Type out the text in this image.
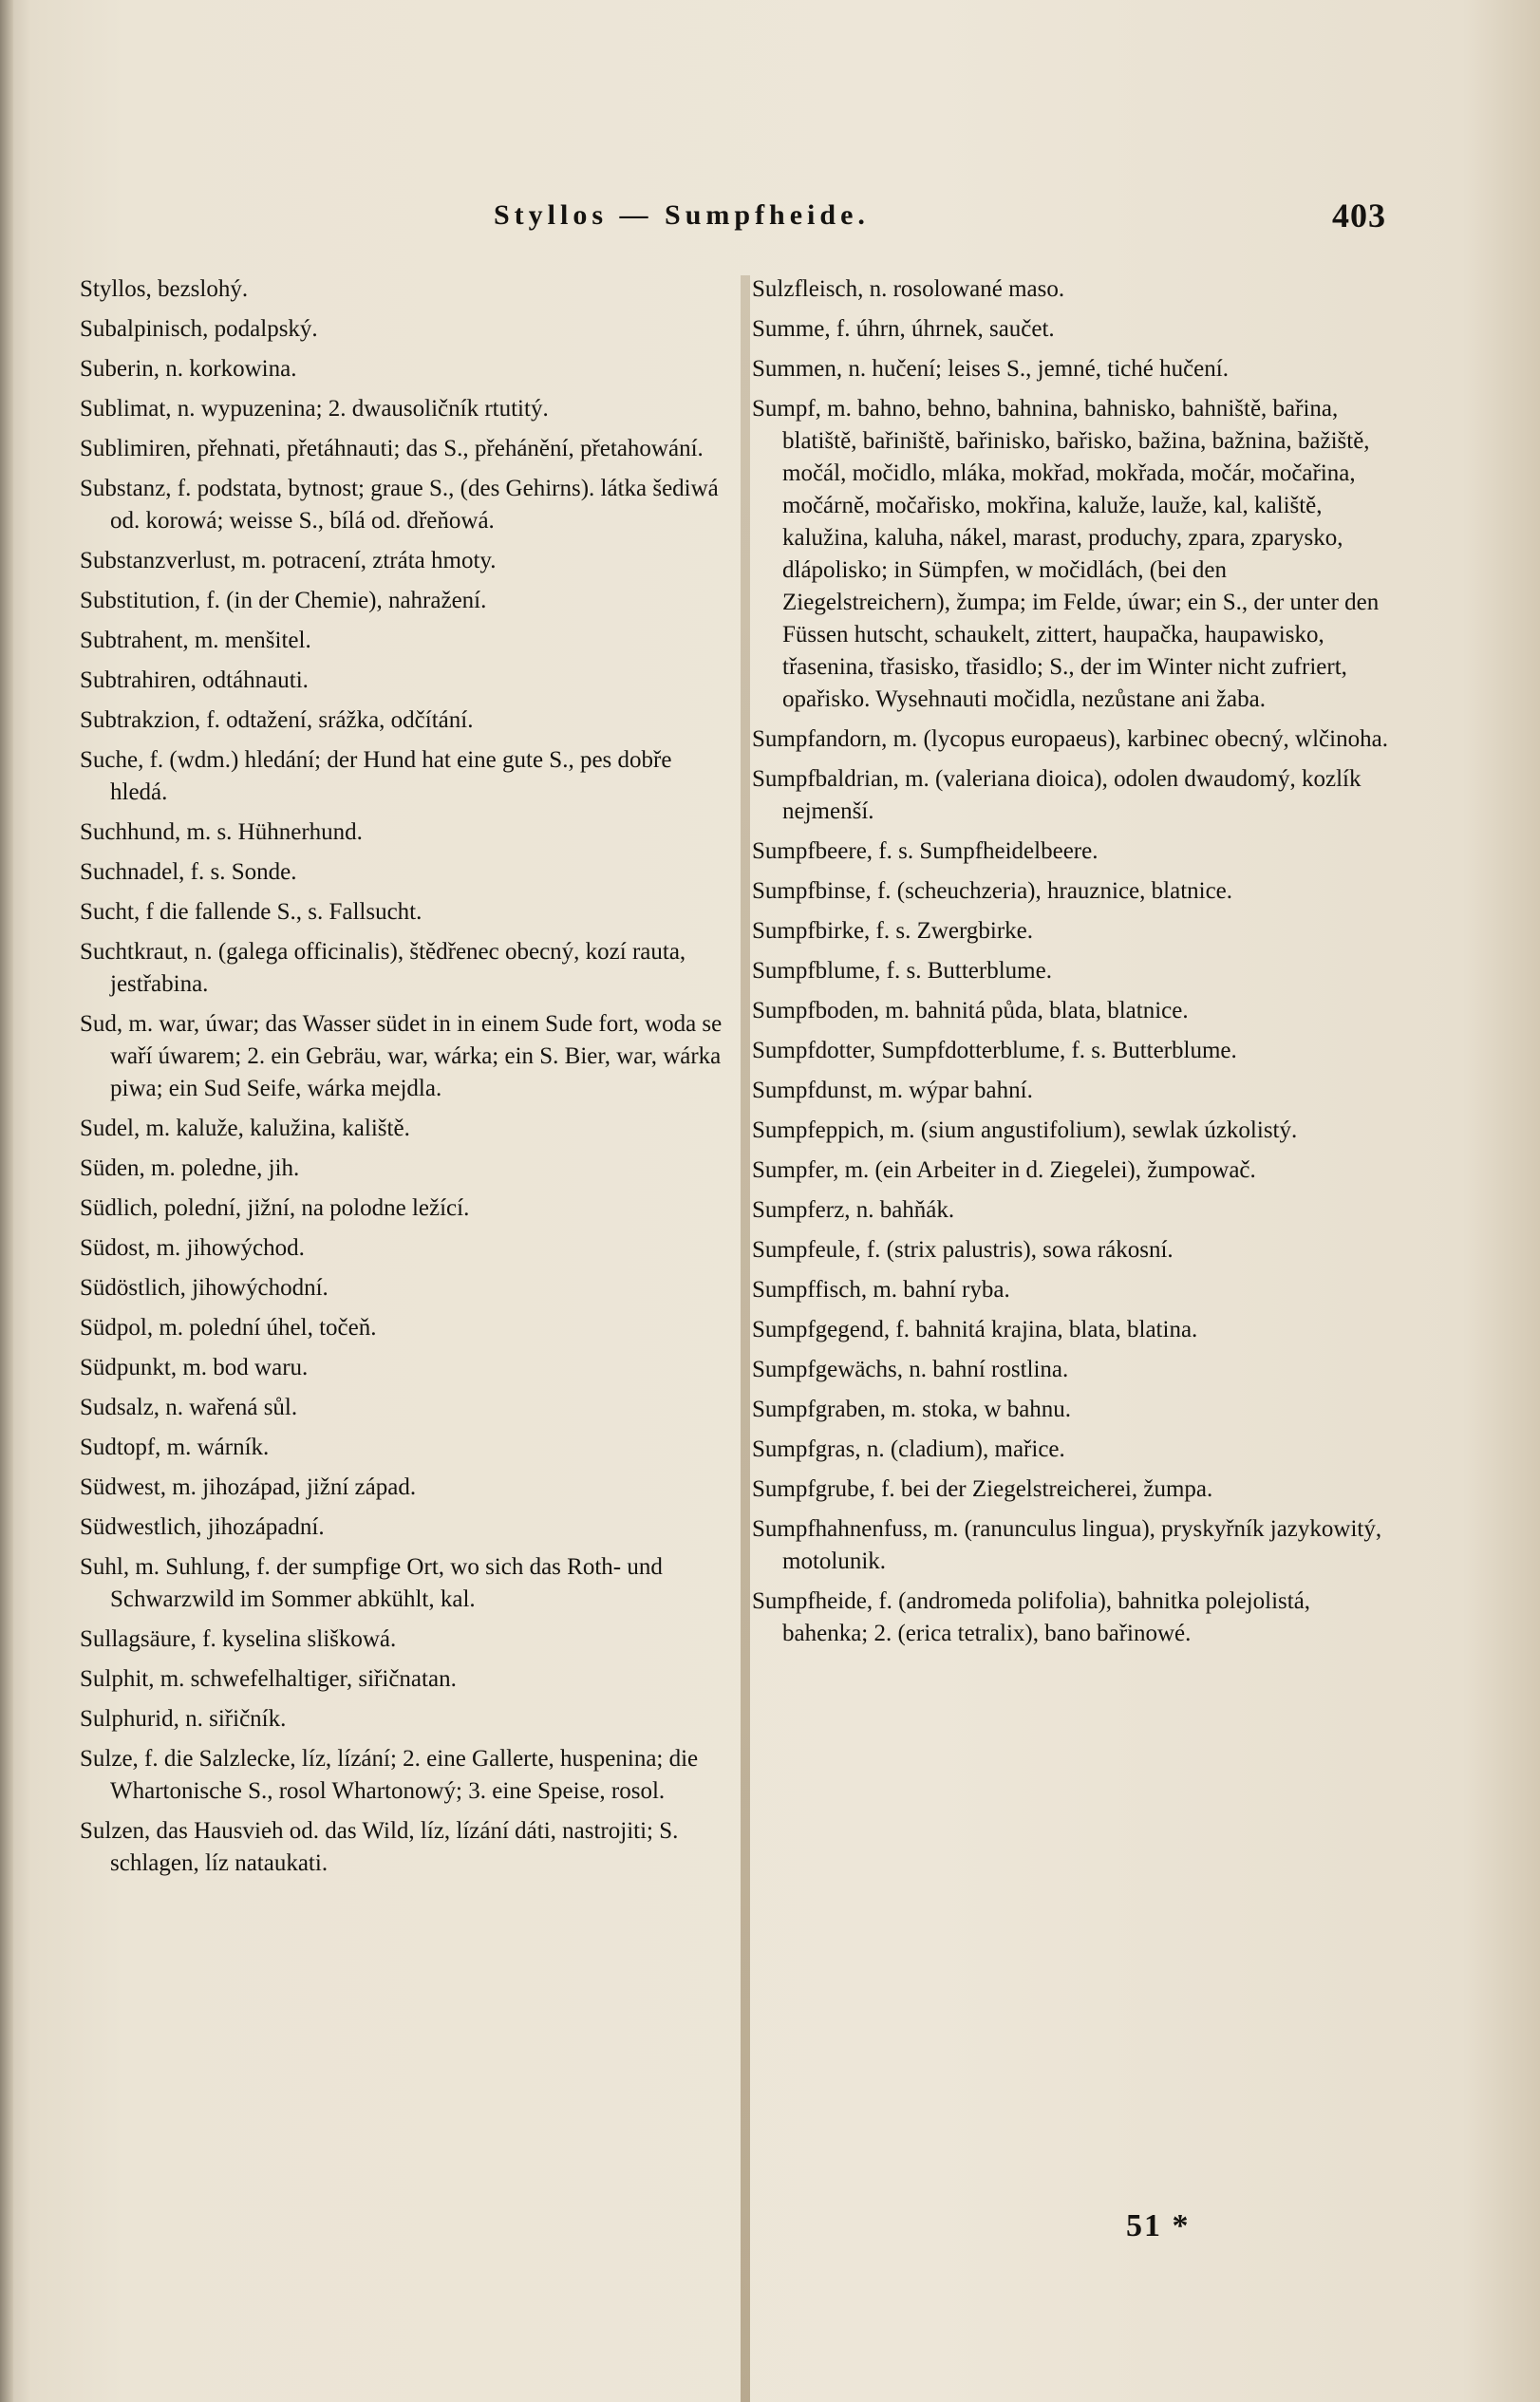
Styllos — Sumpfheide.	403
Styllos, bezslohý.
Subalpinisch, podalpský.
Suberin, n. korkowina.
Sublimat, n. wypuzenina; 2. dwausoličník rtutitý.
Sublimiren, přehnati, přetáhnauti; das S., přehánění, přetahowání.
Substanz, f. podstata, bytnost; graue S., (des Gehirns). látka šediwá od. korowá; weisse S., bílá od. dřeňowá.
Substanzverlust, m. potracení, ztráta hmoty.
Substitution, f. (in der Chemie), nahražení.
Subtrahent, m. menšitel.
Subtrahiren, odtáhnauti.
Subtrakzion, f. odtažení, srážka, odčítání.
Suche, f. (wdm.) hledání; der Hund hat eine gute S., pes dobře hledá.
Suchhund, m. s. Hühnerhund.
Suchnadel, f. s. Sonde.
Sucht, f die fallende S., s. Fallsucht.
Suchtkraut, n. (galega officinalis), štědřenec obecný, kozí rauta, jestřabina.
Sud, m. war, úwar; das Wasser südet in in einem Sude fort, woda se waří úwarem; 2. ein Gebräu, war, wárka; ein S. Bier, war, wárka piwa; ein Sud Seife, wárka mejdla.
Sudel, m. kaluže, kalužina, kaliště.
Süden, m. poledne, jih.
Südlich, polední, jižní, na polodne ležící.
Südost, m. jihowýchod.
Südöstlich, jihowýchodní.
Südpol, m. polední úhel, točeň.
Südpunkt, m. bod waru.
Sudsalz, n. wařená sůl.
Sudtopf, m. wárník.
Südwest, m. jihozápad, jižní západ.
Südwestlich, jihozápadní.
Suhl, m. Suhlung, f. der sumpfige Ort, wo sich das Roth- und Schwarzwild im Sommer abkühlt, kal.
Sullagsäure, f. kyselina sliškowá.
Sulphit, m. schwefelhaltiger, siřičnatan.
Sulphurid, n. siřičník.
Sulze, f. die Salzlecke, líz, lízání; 2. eine Gallerte, huspenina; die Whartonische S., rosol Whartonowý; 3. eine Speise, rosol.
Sulzen, das Hausvieh od. das Wild, líz, lízání dáti, nastrojiti; S. schlagen, líz nataukati.
Sulzfleisch, n. rosolowané maso.
Summe, f. úhrn, úhrnek, saučet.
Summen, n. hučení; leises S., jemné, tiché hučení.
Sumpf, m. bahno, behno, bahnina, bahnisko, bahniště, bařina, blatiště, bařiniště, bařinisko, bařisko, bažina, bažnina, bažiště, močál, močidlo, mláka, mokřad, mokřada, močár, močařina, močárně, močařisko, mokřina, kaluže, lauže, kal, kaliště, kalužina, kaluha, nákel, marast, produchy, zpara, zparysko, dlápolisko; in Sümpfen, w močidlách, (bei den Ziegelstreichern), žumpa; im Felde, úwar; ein S., der unter den Füssen hutscht, schaukelt, zittert, haupačka, haupawisko, třasenina, třasisko, třasidlo; S., der im Winter nicht zufriert, opařisko. Wysehnauti močidla, nezůstane ani žaba.
Sumpfandorn, m. (lycopus europaeus), karbinec obecný, wlčinoha.
Sumpfbaldrian, m. (valeriana dioica), odolen dwaudomý, kozlík nejmenší.
Sumpfbeere, f. s. Sumpfheidelbeere.
Sumpfbinse, f. (scheuchzeria), hrauznice, blatnice.
Sumpfbirke, f. s. Zwergbirke.
Sumpfblume, f. s. Butterblume.
Sumpfboden, m. bahnitá půda, blata, blatnice.
Sumpfdotter, Sumpfdotterblume, f. s. Butterblume.
Sumpfdunst, m. wýpar bahní.
Sumpfeppich, m. (sium angustifolium), sewlak úzkolistý.
Sumpfer, m. (ein Arbeiter in d. Ziegelei), žumpowač.
Sumpferz, n. bahňák.
Sumpfeule, f. (strix palustris), sowa rákosní.
Sumpffisch, m. bahní ryba.
Sumpfgegend, f. bahnitá krajina, blata, blatina.
Sumpfgewächs, n. bahní rostlina.
Sumpfgraben, m. stoka, w bahnu.
Sumpfgras, n. (cladium), mařice.
Sumpfgrube, f. bei der Ziegelstreicherei, žumpa.
Sumpfhahnenfuss, m. (ranunculus lingua), pryskyřník jazykowitý, motolunik.
Sumpfheide, f. (andromeda polifolia), bahnitka polejolistá, bahenka; 2. (erica tetralix), bano bařinowé.
51 *
